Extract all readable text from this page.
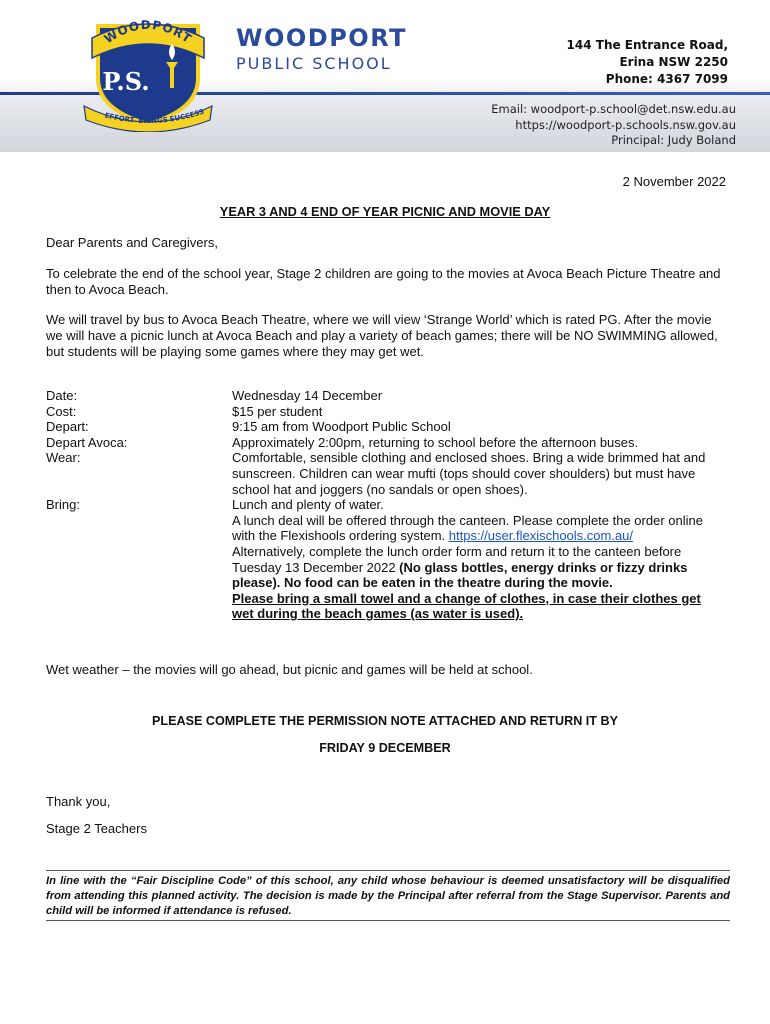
WOODPORT
P.S.
EFFORT BRINGS SUCCESS
WOODPORT
PUBLIC SCHOOL
144 The Entrance Road,
Erina NSW 2250
Phone: 4367 7099
Email: woodport-p.school@det.nsw.edu.au
https://woodport-p.schools.nsw.gov.au
Principal: Judy Boland
2 November 2022
YEAR 3 AND 4 END OF YEAR PICNIC AND MOVIE DAY
Dear Parents and Caregivers,
To celebrate the end of the school year, Stage 2 children are going to the movies at Avoca Beach Picture Theatre and then to Avoca Beach.
We will travel by bus to Avoca Beach Theatre, where we will view ‘Strange World’ which is rated PG. After the movie we will have a picnic lunch at Avoca Beach and play a variety of beach games; there will be NO SWIMMING allowed, but students will be playing some games where they may get wet.
Date:	Wednesday 14 December
Cost:	$15 per student
Depart:	9:15 am from Woodport Public School
Depart Avoca:	Approximately 2:00pm, returning to school before the afternoon buses.
Wear:	Comfortable, sensible clothing and enclosed shoes. Bring a wide brimmed hat and sunscreen. Children can wear mufti (tops should cover shoulders) but must have school hat and joggers (no sandals or open shoes).
Bring:	Lunch and plenty of water.
A lunch deal will be offered through the canteen. Please complete the order online with the Flexishools ordering system. https://user.flexischools.com.au/
Alternatively, complete the lunch order form and return it to the canteen before Tuesday 13 December 2022 (No glass bottles, energy drinks or fizzy drinks please). No food can be eaten in the theatre during the movie.
Please bring a small towel and a change of clothes, in case their clothes get wet during the beach games (as water is used).
Wet weather – the movies will go ahead, but picnic and games will be held at school.
PLEASE COMPLETE THE PERMISSION NOTE ATTACHED AND RETURN IT BY
FRIDAY 9 DECEMBER
Thank you,
Stage 2 Teachers
In line with the “Fair Discipline Code” of this school, any child whose behaviour is deemed unsatisfactory will be disqualified from attending this planned activity. The decision is made by the Principal after referral from the Stage Supervisor. Parents and child will be informed if attendance is refused.
